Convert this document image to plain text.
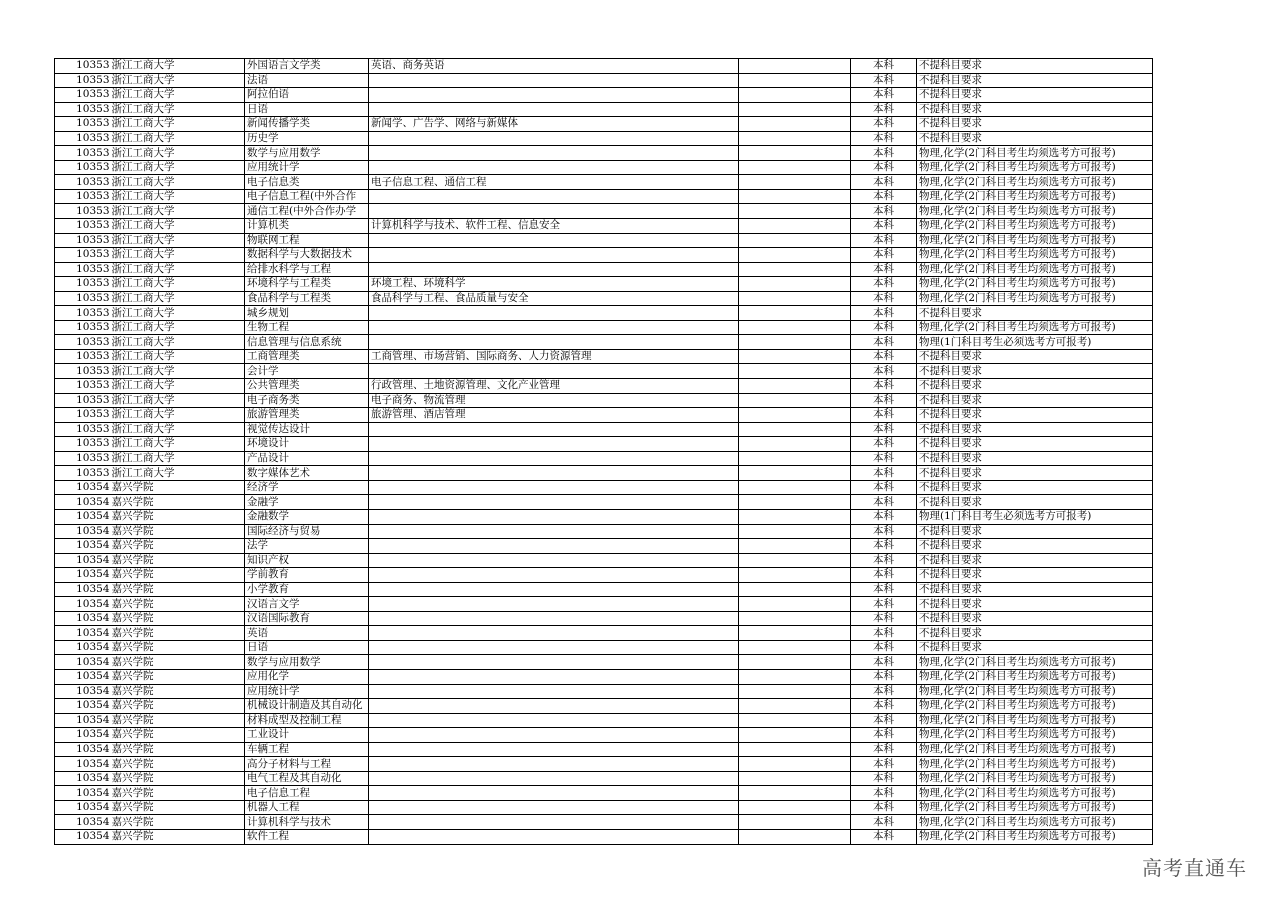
10353	浙江工商大学	外国语言文学类	英语、商务英语		本科	不提科目要求
10353	浙江工商大学	法语			本科	不提科目要求
10353	浙江工商大学	阿拉伯语			本科	不提科目要求
10353	浙江工商大学	日语			本科	不提科目要求
10353	浙江工商大学	新闻传播学类	新闻学、广告学、网络与新媒体		本科	不提科目要求
10353	浙江工商大学	历史学			本科	不提科目要求
10353	浙江工商大学	数学与应用数学			本科	物理,化学(2门科目考生均须选考方可报考)
10353	浙江工商大学	应用统计学			本科	物理,化学(2门科目考生均须选考方可报考)
10353	浙江工商大学	电子信息类	电子信息工程、通信工程		本科	物理,化学(2门科目考生均须选考方可报考)
10353	浙江工商大学	电子信息工程(中外合作			本科	物理,化学(2门科目考生均须选考方可报考)
10353	浙江工商大学	通信工程(中外合作办学			本科	物理,化学(2门科目考生均须选考方可报考)
10353	浙江工商大学	计算机类	计算机科学与技术、软件工程、信息安全		本科	物理,化学(2门科目考生均须选考方可报考)
10353	浙江工商大学	物联网工程			本科	物理,化学(2门科目考生均须选考方可报考)
10353	浙江工商大学	数据科学与大数据技术			本科	物理,化学(2门科目考生均须选考方可报考)
10353	浙江工商大学	给排水科学与工程			本科	物理,化学(2门科目考生均须选考方可报考)
10353	浙江工商大学	环境科学与工程类	环境工程、环境科学		本科	物理,化学(2门科目考生均须选考方可报考)
10353	浙江工商大学	食品科学与工程类	食品科学与工程、食品质量与安全		本科	物理,化学(2门科目考生均须选考方可报考)
10353	浙江工商大学	城乡规划			本科	不提科目要求
10353	浙江工商大学	生物工程			本科	物理,化学(2门科目考生均须选考方可报考)
10353	浙江工商大学	信息管理与信息系统			本科	物理(1门科目考生必须选考方可报考)
10353	浙江工商大学	工商管理类	工商管理、市场营销、国际商务、人力资源管理		本科	不提科目要求
10353	浙江工商大学	会计学			本科	不提科目要求
10353	浙江工商大学	公共管理类	行政管理、土地资源管理、文化产业管理		本科	不提科目要求
10353	浙江工商大学	电子商务类	电子商务、物流管理		本科	不提科目要求
10353	浙江工商大学	旅游管理类	旅游管理、酒店管理		本科	不提科目要求
10353	浙江工商大学	视觉传达设计			本科	不提科目要求
10353	浙江工商大学	环境设计			本科	不提科目要求
10353	浙江工商大学	产品设计			本科	不提科目要求
10353	浙江工商大学	数字媒体艺术			本科	不提科目要求
10354	嘉兴学院	经济学			本科	不提科目要求
10354	嘉兴学院	金融学			本科	不提科目要求
10354	嘉兴学院	金融数学			本科	物理(1门科目考生必须选考方可报考)
10354	嘉兴学院	国际经济与贸易			本科	不提科目要求
10354	嘉兴学院	法学			本科	不提科目要求
10354	嘉兴学院	知识产权			本科	不提科目要求
10354	嘉兴学院	学前教育			本科	不提科目要求
10354	嘉兴学院	小学教育			本科	不提科目要求
10354	嘉兴学院	汉语言文学			本科	不提科目要求
10354	嘉兴学院	汉语国际教育			本科	不提科目要求
10354	嘉兴学院	英语			本科	不提科目要求
10354	嘉兴学院	日语			本科	不提科目要求
10354	嘉兴学院	数学与应用数学			本科	物理,化学(2门科目考生均须选考方可报考)
10354	嘉兴学院	应用化学			本科	物理,化学(2门科目考生均须选考方可报考)
10354	嘉兴学院	应用统计学			本科	物理,化学(2门科目考生均须选考方可报考)
10354	嘉兴学院	机械设计制造及其自动化			本科	物理,化学(2门科目考生均须选考方可报考)
10354	嘉兴学院	材料成型及控制工程			本科	物理,化学(2门科目考生均须选考方可报考)
10354	嘉兴学院	工业设计			本科	物理,化学(2门科目考生均须选考方可报考)
10354	嘉兴学院	车辆工程			本科	物理,化学(2门科目考生均须选考方可报考)
10354	嘉兴学院	高分子材料与工程			本科	物理,化学(2门科目考生均须选考方可报考)
10354	嘉兴学院	电气工程及其自动化			本科	物理,化学(2门科目考生均须选考方可报考)
10354	嘉兴学院	电子信息工程			本科	物理,化学(2门科目考生均须选考方可报考)
10354	嘉兴学院	机器人工程			本科	物理,化学(2门科目考生均须选考方可报考)
10354	嘉兴学院	计算机科学与技术			本科	物理,化学(2门科目考生均须选考方可报考)
10354	嘉兴学院	软件工程			本科	物理,化学(2门科目考生均须选考方可报考)
高考直通车
